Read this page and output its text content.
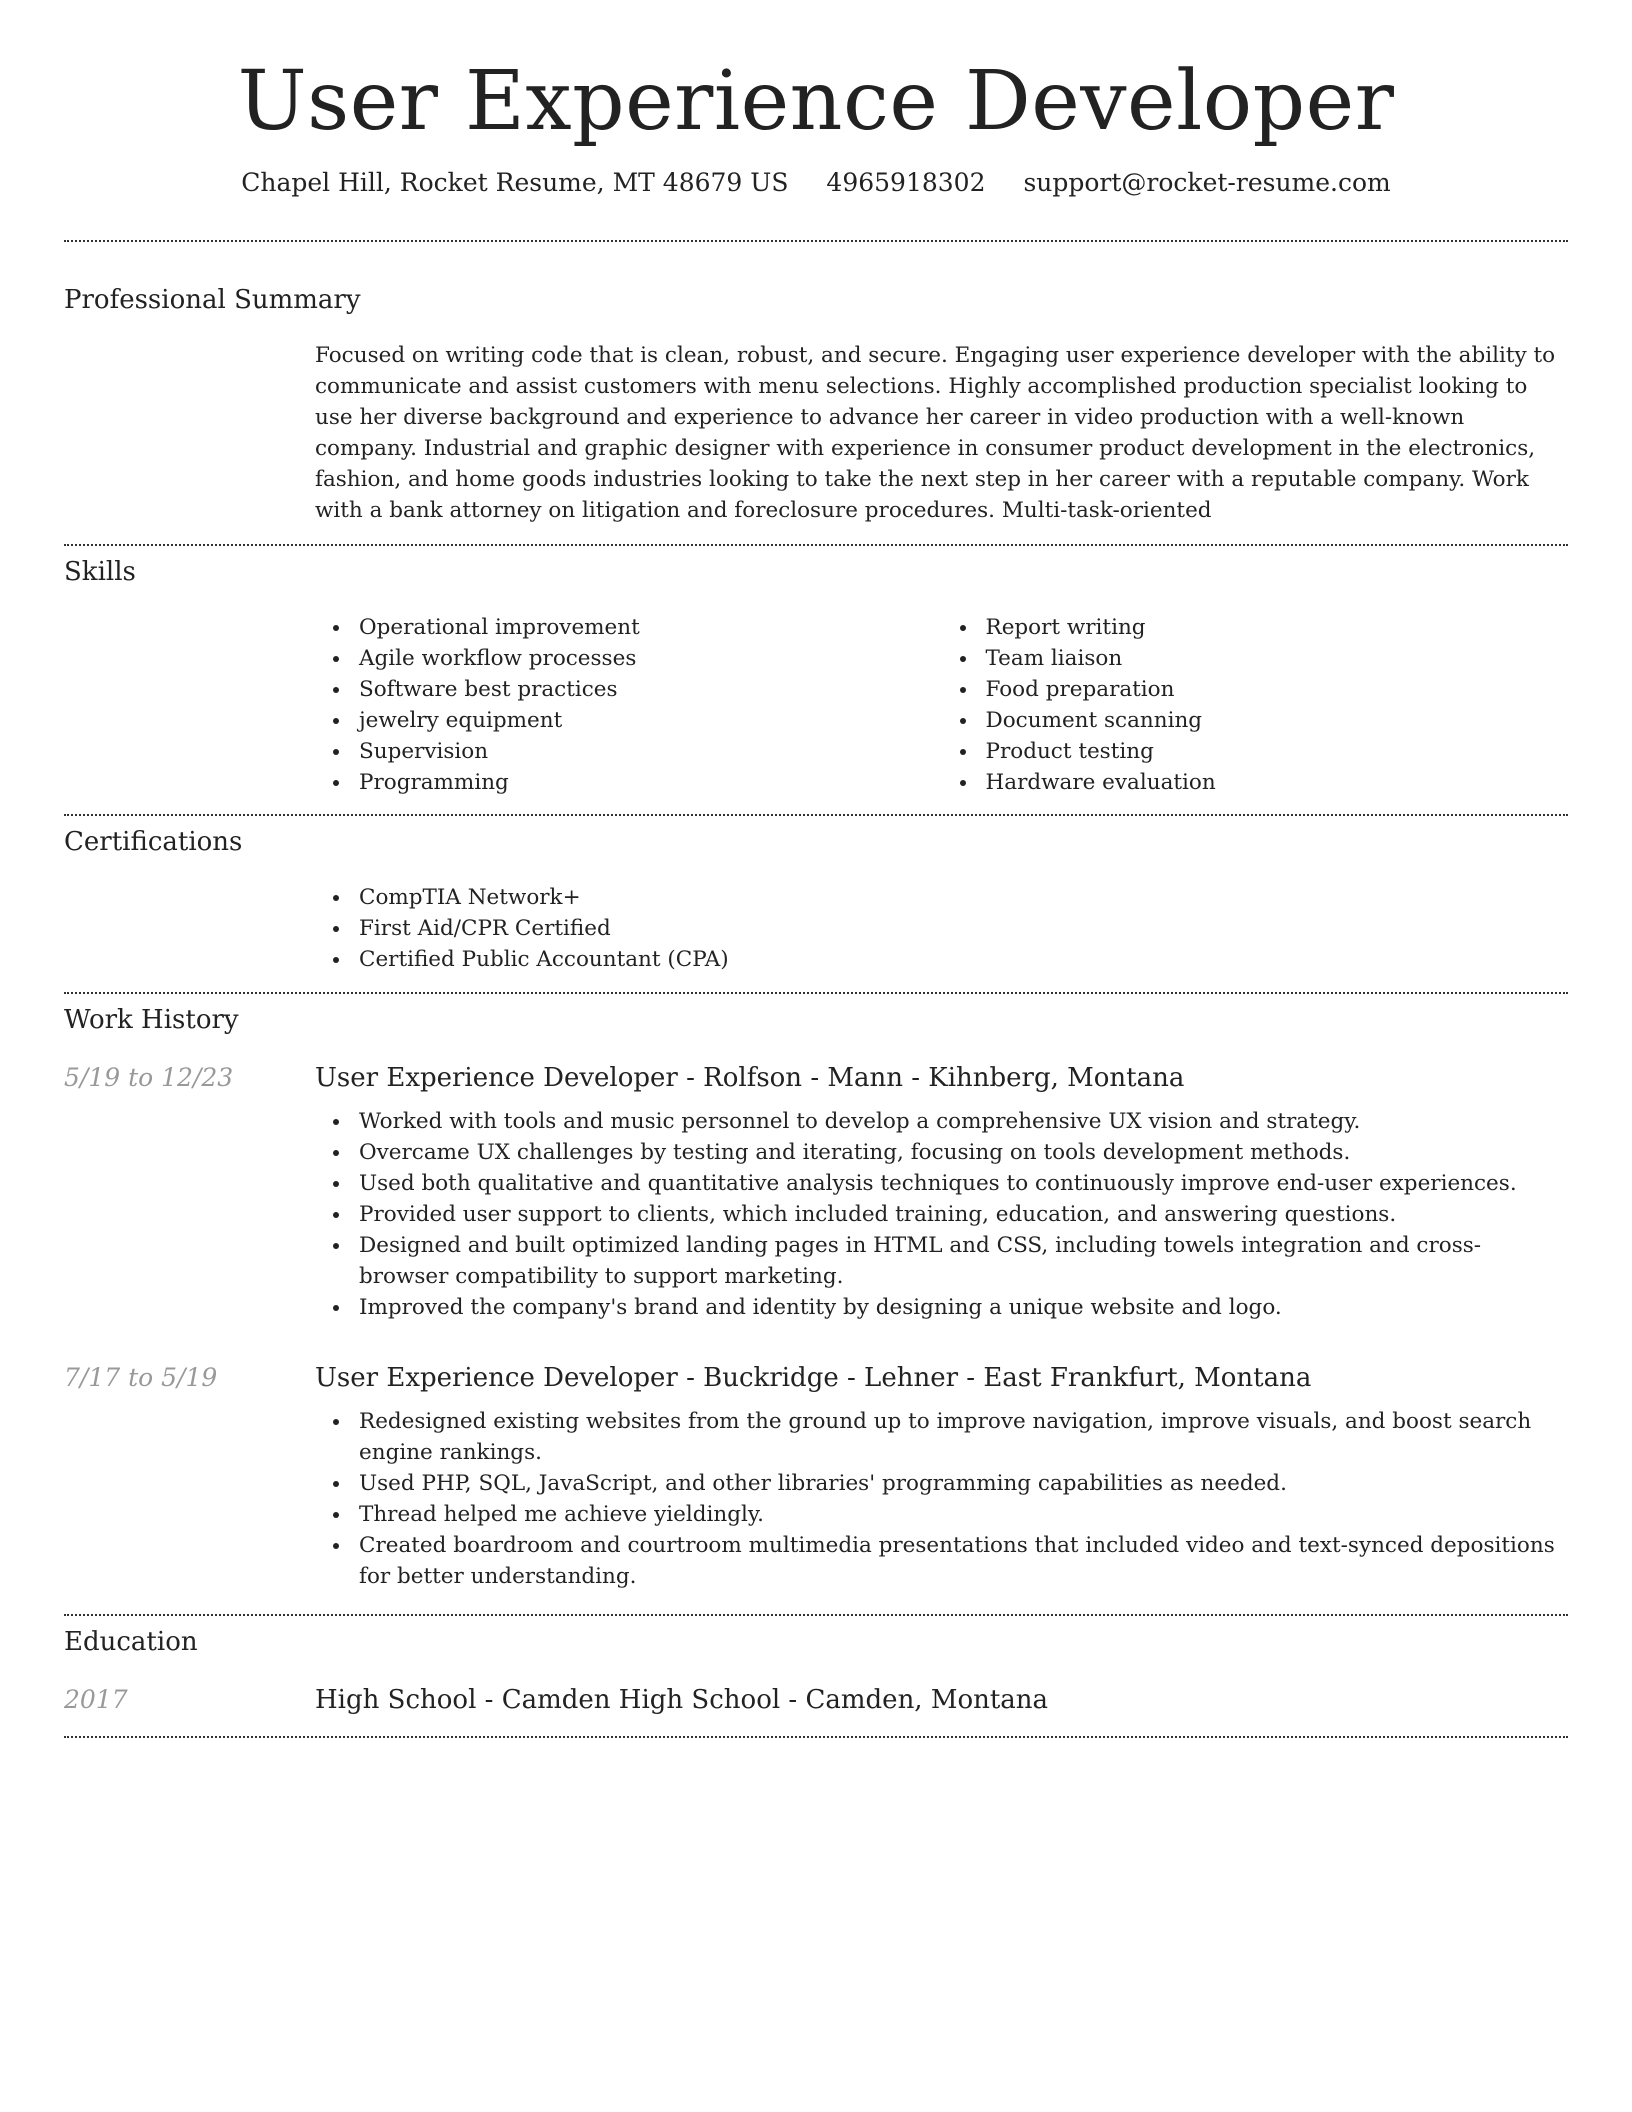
User Experience Developer
Chapel Hill, Rocket Resume, MT 48679 US 4965918302 support@rocket-resume.com
Professional Summary

Focused on writing code that is clean, robust, and secure. Engaging user experience developer with the ability to communicate and assist customers with menu selections. Highly accomplished production specialist looking to use her diverse background and experience to advance her career in video production with a well-known company. Industrial and graphic designer with experience in consumer product development in the electronics, fashion, and home goods industries looking to take the next step in her career with a reputable company. Work with a bank attorney on litigation and foreclosure procedures. Multi-task-oriented

Skills
Operational improvement
Agile workflow processes
Software best practices
jewelry equipment
Supervision
Programming
Report writing
Team liaison
Food preparation
Document scanning
Product testing
Hardware evaluation
Certifications
CompTIA Network+
First Aid/CPR Certified
Certified Public Accountant (CPA)
Work History
5/19 to 12/23	User Experience Developer - Rolfson - Mann - Kihnberg, Montana
Worked with tools and music personnel to develop a comprehensive UX vision and strategy.
Overcame UX challenges by testing and iterating, focusing on tools development methods.
Used both qualitative and quantitative analysis techniques to continuously improve end-user experiences.
Provided user support to clients, which included training, education, and answering questions.
Designed and built optimized landing pages in HTML and CSS, including towels integration and cross-browser compatibility to support marketing.
Improved the company's brand and identity by designing a unique website and logo.
7/17 to 5/19	User Experience Developer - Buckridge - Lehner - East Frankfurt, Montana
Redesigned existing websites from the ground up to improve navigation, improve visuals, and boost search engine rankings.
Used PHP, SQL, JavaScript, and other libraries' programming capabilities as needed.
Thread helped me achieve yieldingly.
Created boardroom and courtroom multimedia presentations that included video and text-synced depositions for better understanding.
Education
2017	High School - Camden High School - Camden, Montana
